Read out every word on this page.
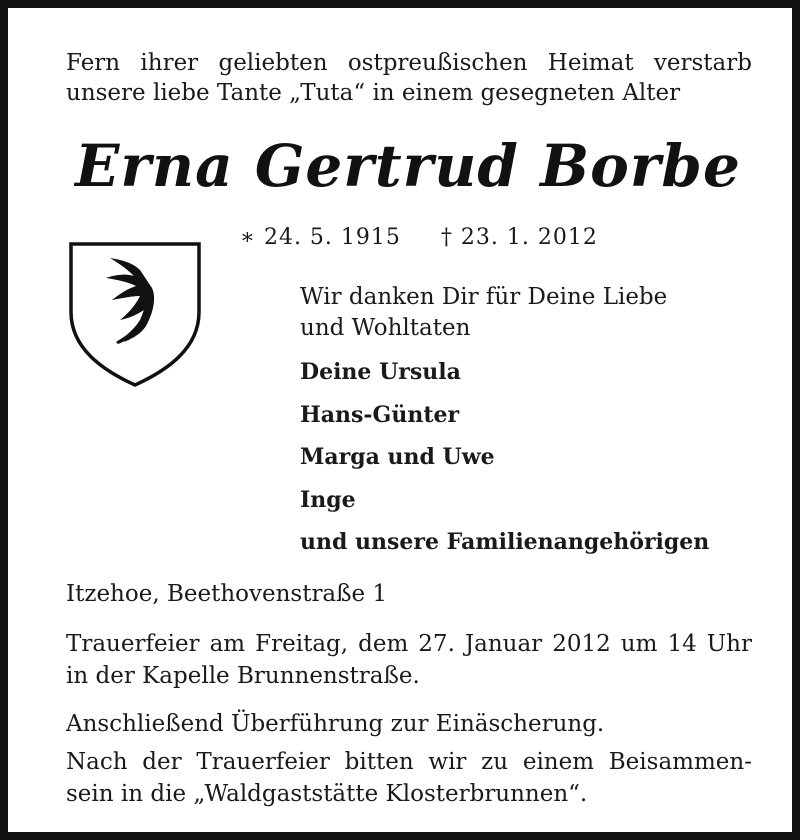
Fern ihrer geliebten ostpreußischen Heimat verstarb
unsere liebe Tante „Tuta“ in einem gesegneten Alter
Erna Gertrud Borbe
∗ 24. 5. 1915 † 23. 1. 2012
Wir danken Dir für Deine Liebe
und Wohltaten
Deine Ursula
Hans-Günter
Marga und Uwe
Inge
und unsere Familienangehörigen
Itzehoe, Beethovenstraße 1
Trauerfeier am Freitag, dem 27. Januar 2012 um 14 Uhr
in der Kapelle Brunnenstraße.
Anschließend Überführung zur Einäscherung.
Nach der Trauerfeier bitten wir zu einem Beisammen-
sein in die „Waldgaststätte Klosterbrunnen“.
